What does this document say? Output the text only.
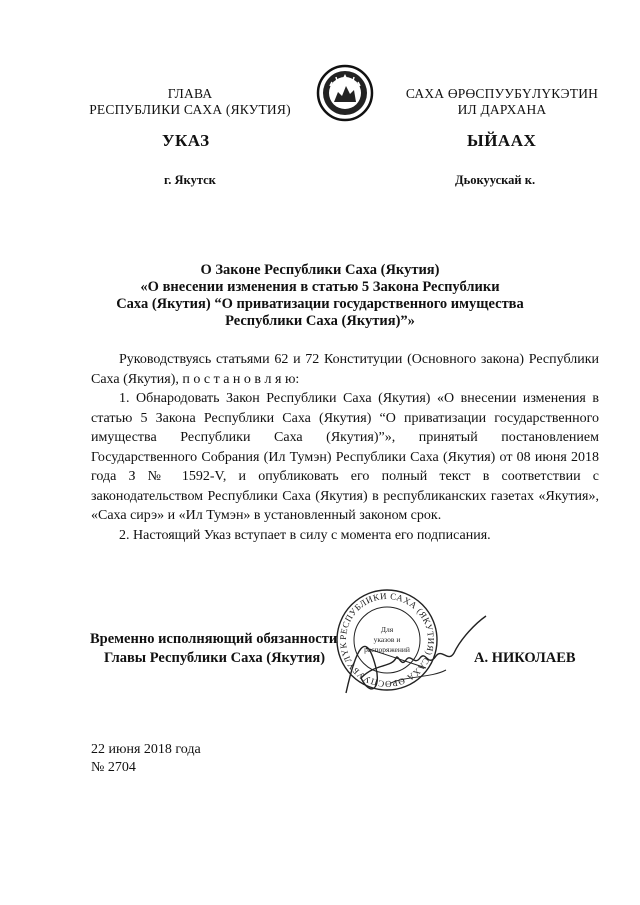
ГЛАВА
РЕСПУБЛИКИ САХА (ЯКУТИЯ)
САХА ӨРӨСПУУБҮЛҮКЭТИН
ИЛ ДАРХАНА
УКАЗ	ЫЙААХ
г. Якутск	Дьокуускай к.
О Законе Республики Саха (Якутия)
«О внесении изменения в статью 5 Закона Республики
Саха (Якутия) “О приватизации государственного имущества
Республики Саха (Якутия)”»

Руководствуясь статьями 62 и 72 Конституции (Основного закона) Республики Саха (Якутия), п о с т а н о в л я ю:

1. Обнародовать Закон Республики Саха (Якутия) «О внесении изменения в статью 5 Закона Республики Саха (Якутия) “О приватизации государственного имущества Республики Саха (Якутия)”», принятый постановлением Государственного Собрания (Ил Тумэн) Республики Саха (Якутия) от 08 июня 2018 года З № 1592-V, и опубликовать его полный текст в соответствии с законодательством Республики Саха (Якутия) в республиканских газетах «Якутия», «Саха сирэ» и «Ил Тумэн» в установленный законом срок.

2. Настоящий Указ вступает в силу с момента его подписания.

РЕСПУБЛИКИ САХА (ЯКУТИЯ) САХА ӨРӨСПУУБҮЛҮК
Для
указов и
распоряжений
Временно исполняющий обязанности
Главы Республики Саха (Якутия)	А. НИКОЛАЕВ
22 июня 2018 года
№ 2704
